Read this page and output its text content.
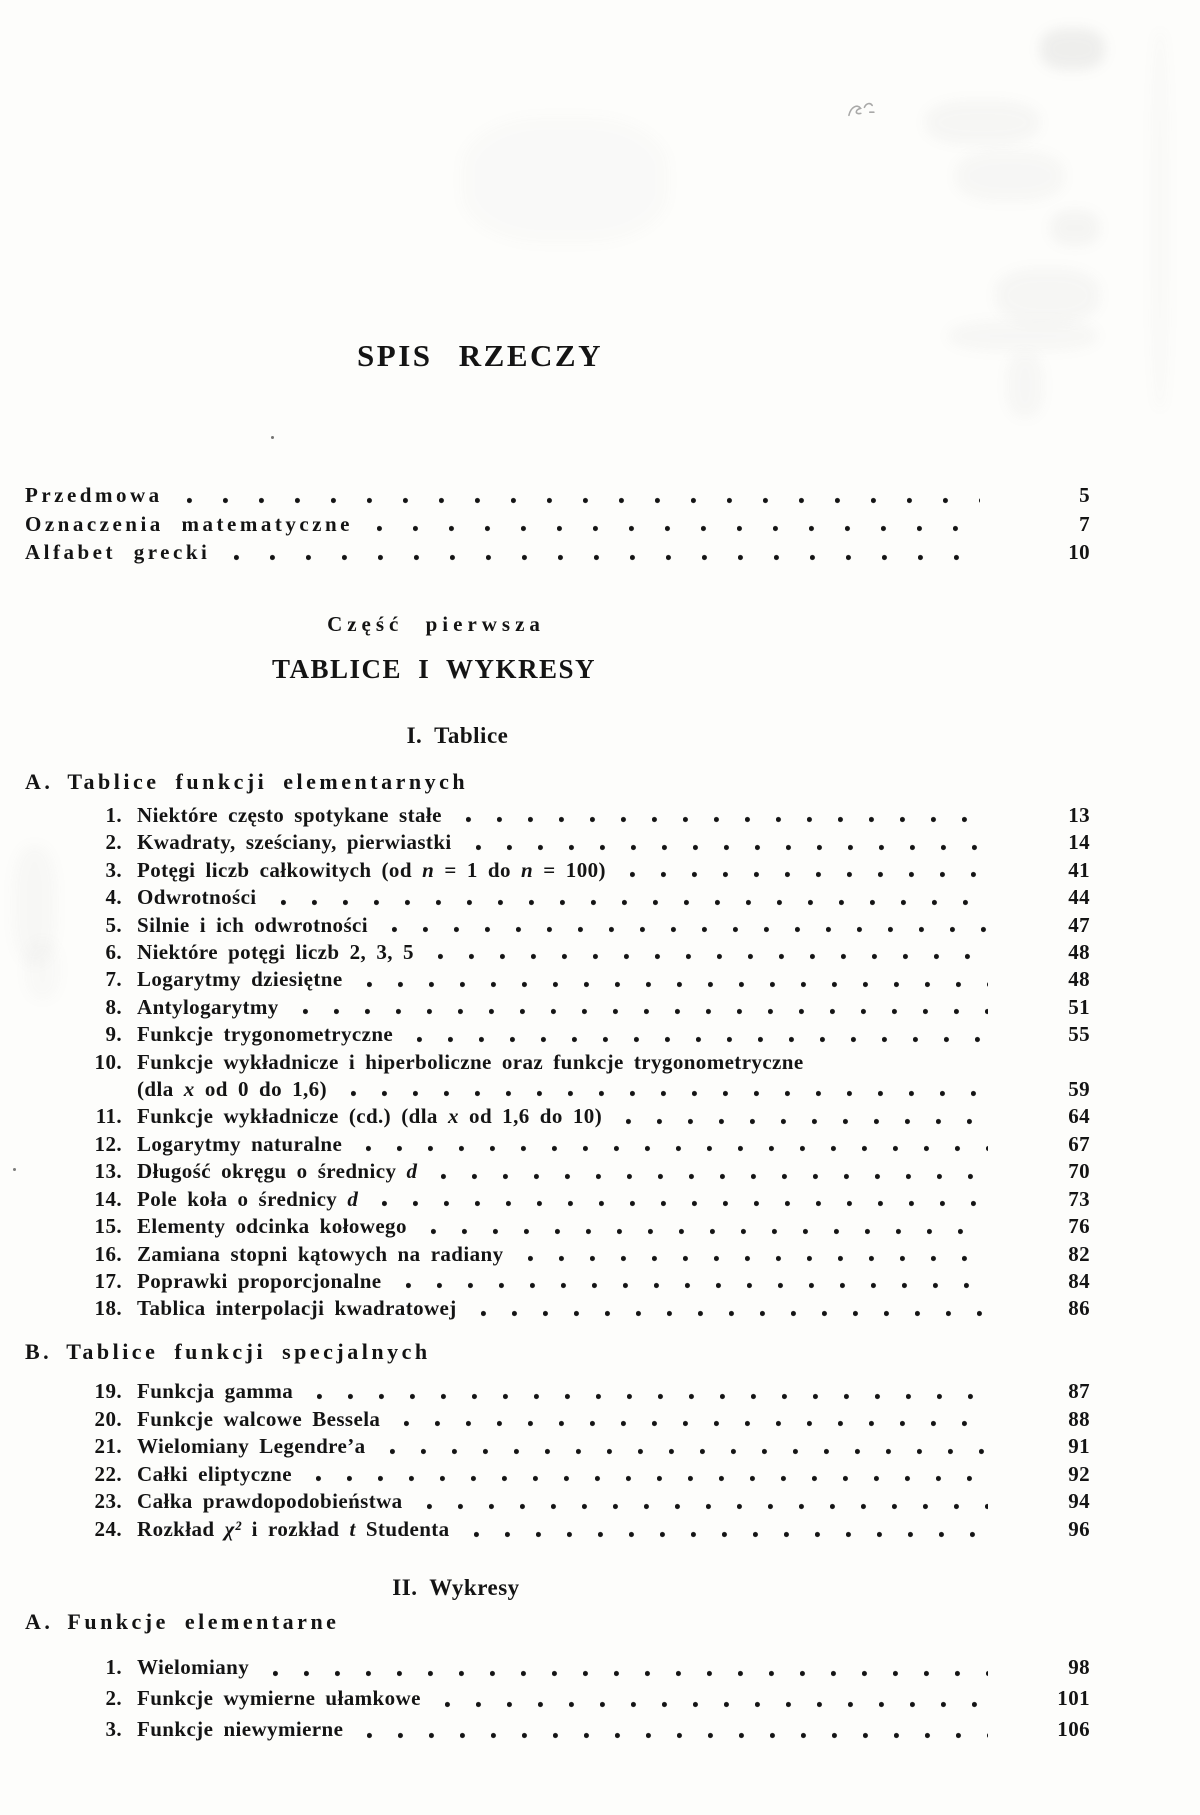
SPIS RZECZY
Przedmowa	5
Oznaczenia matematyczne	7
Alfabet grecki	10
Część pierwsza
TABLICE I WYKRESY
I. Tablice
A. Tablice funkcji elementarnych
1. Niektóre często spotykane stałe	13
2. Kwadraty, sześciany, pierwiastki	14
3. Potęgi liczb całkowitych (od n = 1 do n = 100)	41
4. Odwrotności	44
5. Silnie i ich odwrotności	47
6. Niektóre potęgi liczb 2, 3, 5	48
7. Logarytmy dziesiętne	48
8. Antylogarytmy	51
9. Funkcje trygonometryczne	55
10. Funkcje wykładnicze i hiperboliczne oraz funkcje trygonometryczne
(dla x od 0 do 1,6)	59
11. Funkcje wykładnicze (cd.) (dla x od 1,6 do 10)	64
12. Logarytmy naturalne	67
13. Długość okręgu o średnicy d	70
14. Pole koła o średnicy d	73
15. Elementy odcinka kołowego	76
16. Zamiana stopni kątowych na radiany	82
17. Poprawki proporcjonalne	84
18. Tablica interpolacji kwadratowej	86
B. Tablice funkcji specjalnych
19. Funkcja gamma	87
20. Funkcje walcowe Bessela	88
21. Wielomiany Legendre’a	91
22. Całki eliptyczne	92
23. Całka prawdopodobieństwa	94
24. Rozkład χ² i rozkład t Studenta	96
II. Wykresy
A. Funkcje elementarne
1. Wielomiany	98
2. Funkcje wymierne ułamkowe	101
3. Funkcje niewymierne	106
